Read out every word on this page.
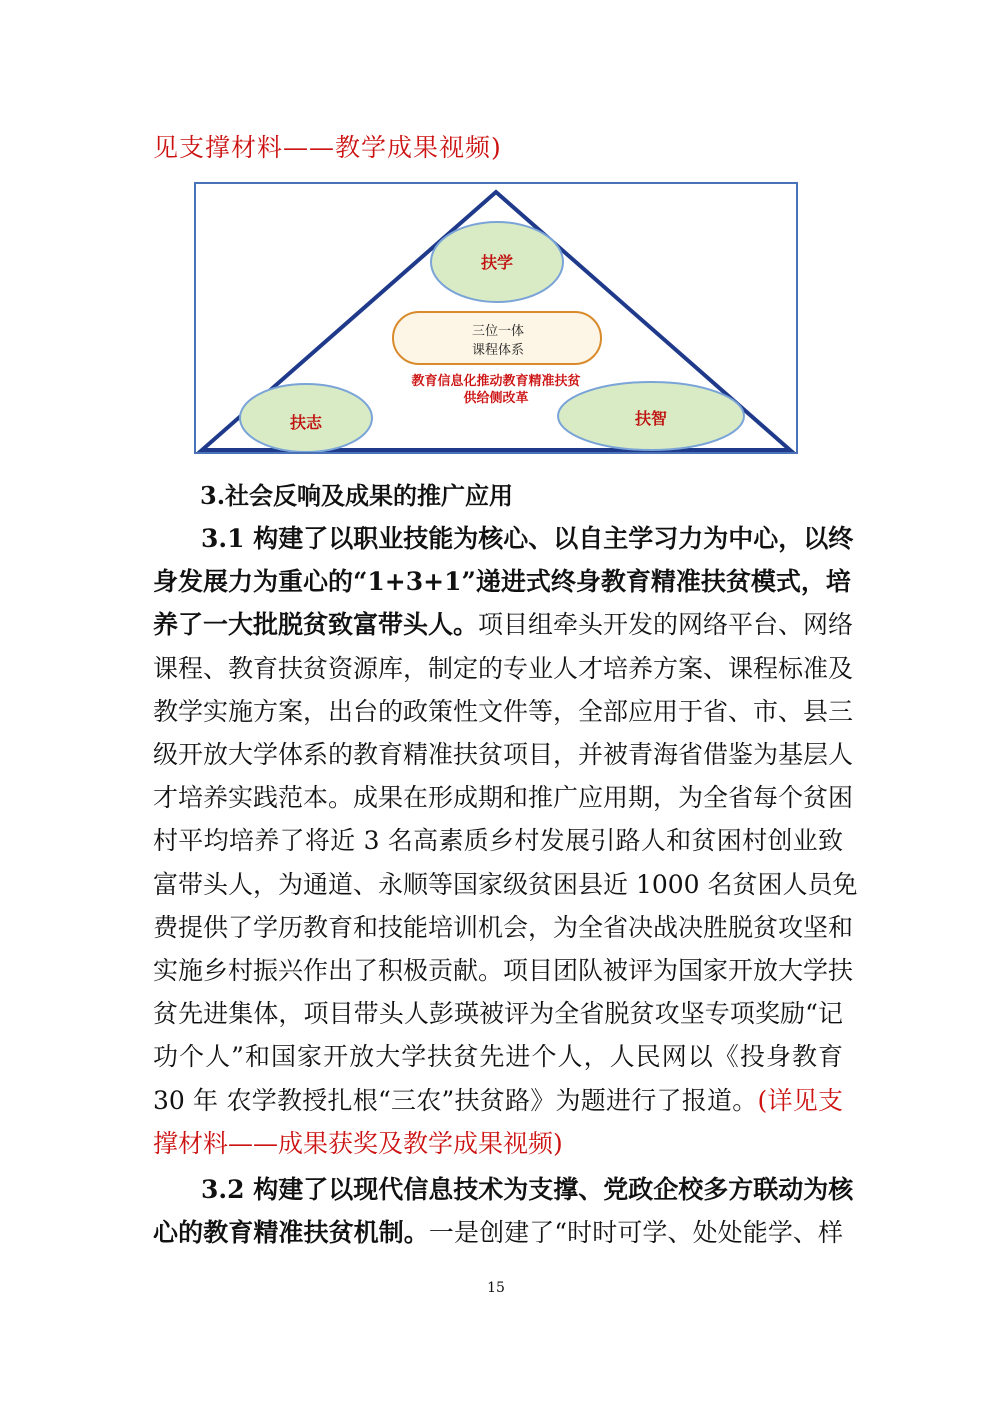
见支撑材料——教学成果视频)
扶学
三位一体
课程体系
教育信息化推动教育精准扶贫
供给侧改革
扶志	扶智
3.社会反响及成果的推广应用
3.1 构建了以职业技能为核心、以自主学习力为中心，以终
身发展力为重心的“1+3+1”递进式终身教育精准扶贫模式，培
养了一大批脱贫致富带头人。项目组牵头开发的网络平台、网络
课程、教育扶贫资源库，制定的专业人才培养方案、课程标准及
教学实施方案，出台的政策性文件等，全部应用于省、市、县三
级开放大学体系的教育精准扶贫项目，并被青海省借鉴为基层人
才培养实践范本。成果在形成期和推广应用期，为全省每个贫困
村平均培养了将近 3 名高素质乡村发展引路人和贫困村创业致
富带头人，为通道、永顺等国家级贫困县近 1000 名贫困人员免
费提供了学历教育和技能培训机会，为全省决战决胜脱贫攻坚和
实施乡村振兴作出了积极贡献。项目团队被评为国家开放大学扶
贫先进集体，项目带头人彭瑛被评为全省脱贫攻坚专项奖励“记
功个人”和国家开放大学扶贫先进个人，人民网以《投身教育
30 年 农学教授扎根“三农”扶贫路》为题进行了报道。(详见支
撑材料——成果获奖及教学成果视频)
3.2 构建了以现代信息技术为支撑、党政企校多方联动为核
心的教育精准扶贫机制。一是创建了“时时可学、处处能学、样
15
